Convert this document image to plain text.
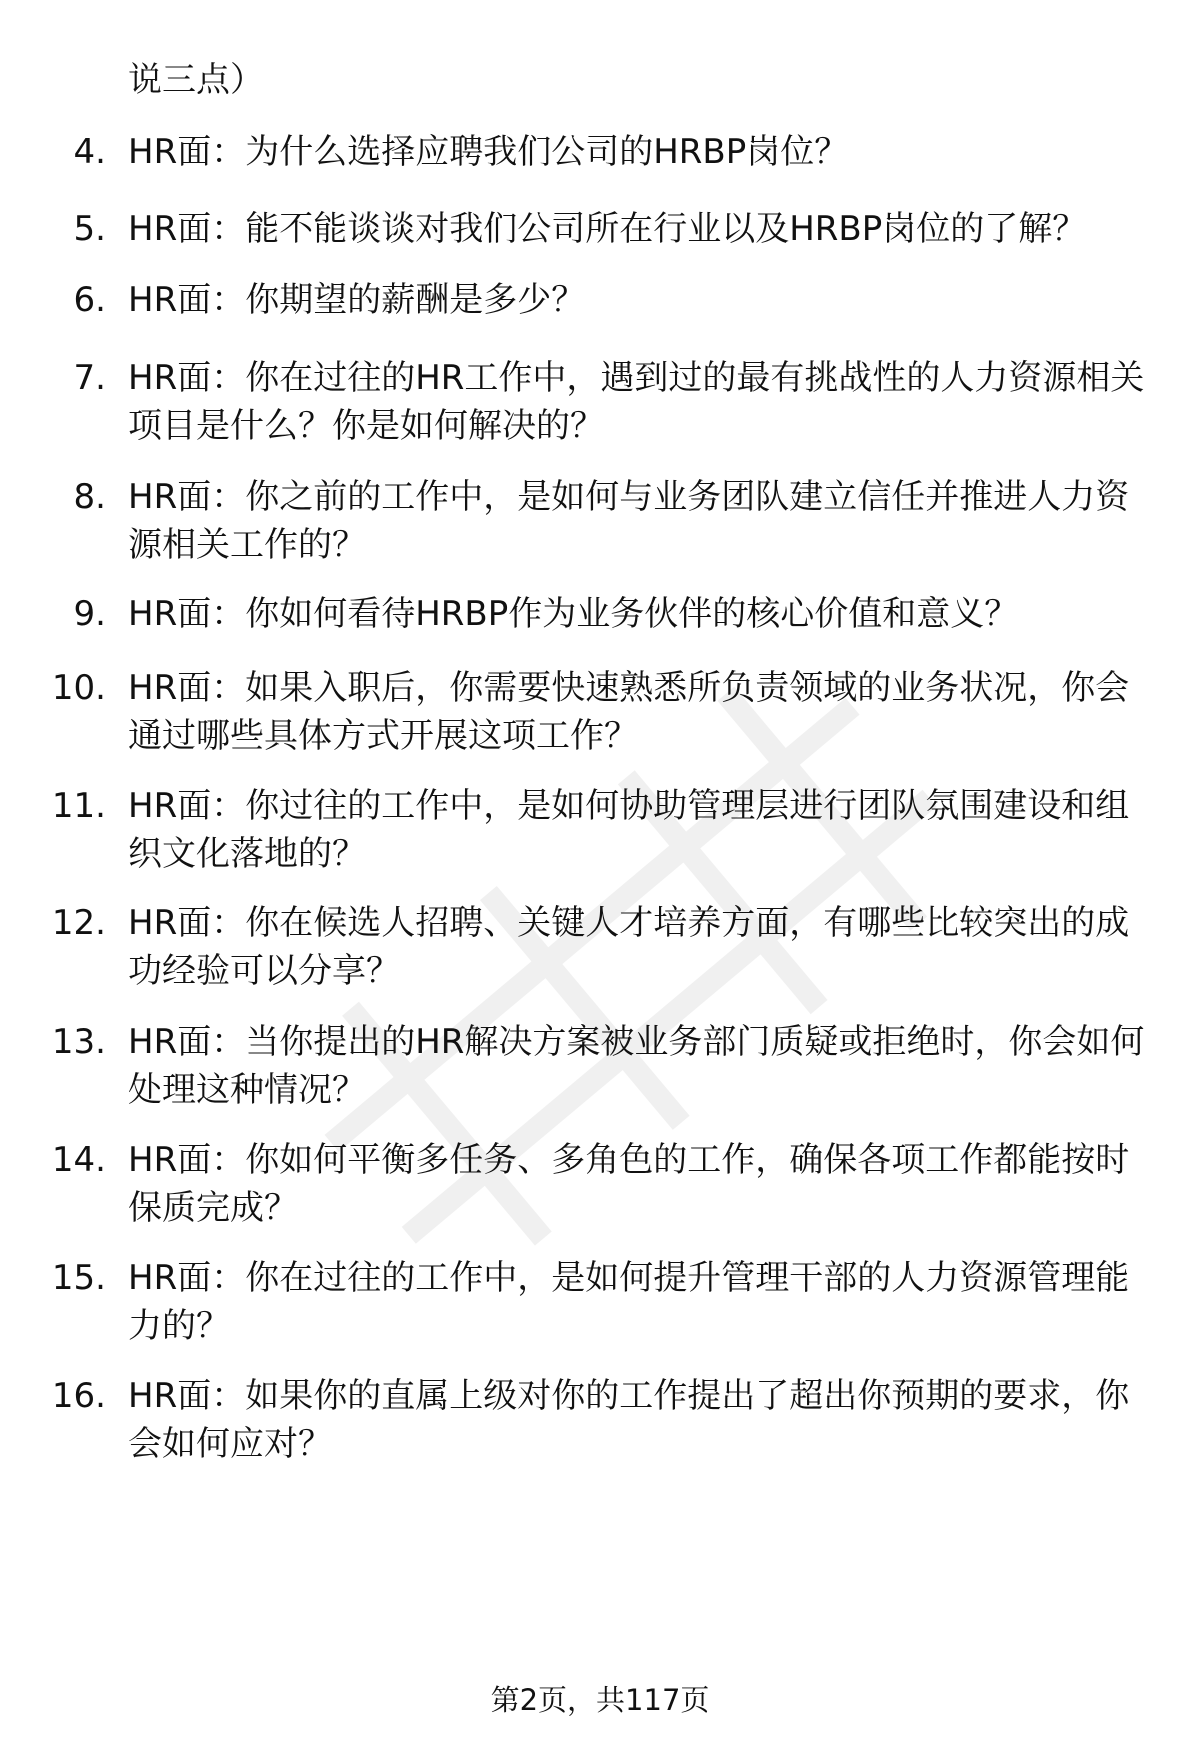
说三点）
4. HR面：为什么选择应聘我们公司的HRBP岗位？
5. HR面：能不能谈谈对我们公司所在行业以及HRBP岗位的了解？
6. HR面：你期望的薪酬是多少？
7. HR面：你在过往的HR工作中，遇到过的最有挑战性的人力资源相关项目是什么？你是如何解决的？
8. HR面：你之前的工作中，是如何与业务团队建立信任并推进人力资源相关工作的？
9. HR面：你如何看待HRBP作为业务伙伴的核心价值和意义？
10. HR面：如果入职后，你需要快速熟悉所负责领域的业务状况，你会通过哪些具体方式开展这项工作？
11. HR面：你过往的工作中，是如何协助管理层进行团队氛围建设和组织文化落地的？
12. HR面：你在候选人招聘、关键人才培养方面，有哪些比较突出的成功经验可以分享？
13. HR面：当你提出的HR解决方案被业务部门质疑或拒绝时，你会如何处理这种情况？
14. HR面：你如何平衡多任务、多角色的工作，确保各项工作都能按时保质完成？
15. HR面：你在过往的工作中，是如何提升管理干部的人力资源管理能力的？
16. HR面：如果你的直属上级对你的工作提出了超出你预期的要求，你会如何应对？
第2页，共117页
